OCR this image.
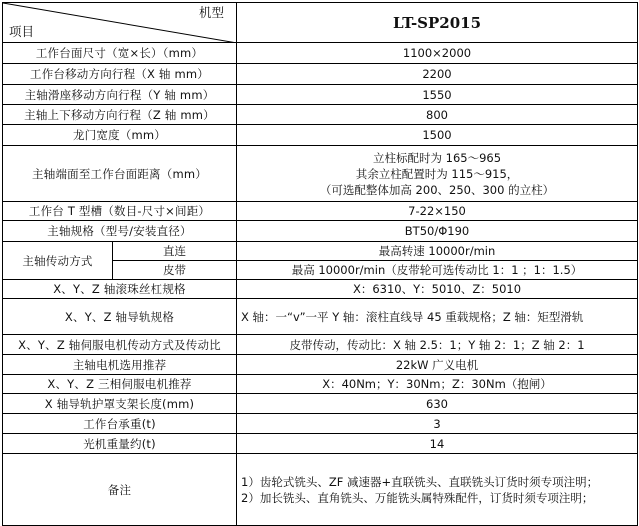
机型
项目		LT-SP2015
工作台面尺寸（宽×长）（mm）		1100×2000
工作台移动方向行程（X 轴 mm）		2200
主轴滑座移动方向行程（Y 轴 mm）		1550
主轴上下移动方向行程（Z 轴 mm）		800
龙门宽度（mm）		1500
主轴端面至工作台面距离（mm）		立柱标配时为 165～965
其余立柱配置时为 115～915，
（可选配整体加高 200、250、300 的立柱）

工作台 T 型槽（数目-尺寸×间距）		7-22×150
主轴规格（型号/安装直径）		BT50/Φ190
主轴传动方式	直连	最高转速 10000r/min
	皮带	最高 10000r/min（皮带轮可选传动比 1：1 ；1：1.5）
X、Y、Z 轴滚珠丝杠规格		X：6310、Y：5010、Z：5010
X、Y、Z 轴导轨规格		X 轴：一“v”一平 Y 轴：滚柱直线导 45 重载规格；Z 轴：矩型滑轨
X、Y、Z 轴伺服电机传动方式及传动比		皮带传动，传动比：X 轴 2.5：1；Y 轴 2：1；Z 轴 2：1
主轴电机选用推荐		22kW 广义电机
X、Y、Z 三相伺服电机推荐		X：40Nm；Y：30Nm；Z：30Nm（抱闸）
X 轴导轨护罩支架长度(mm)		630
工作台承重(t)		3
光机重量约(t)		14
备注		1）齿轮式铣头、ZF 减速器+直联铣头、直联铣头订货时须专项注明；
2）加长铣头、直角铣头、万能铣头属特殊配件，订货时须专项注明；
